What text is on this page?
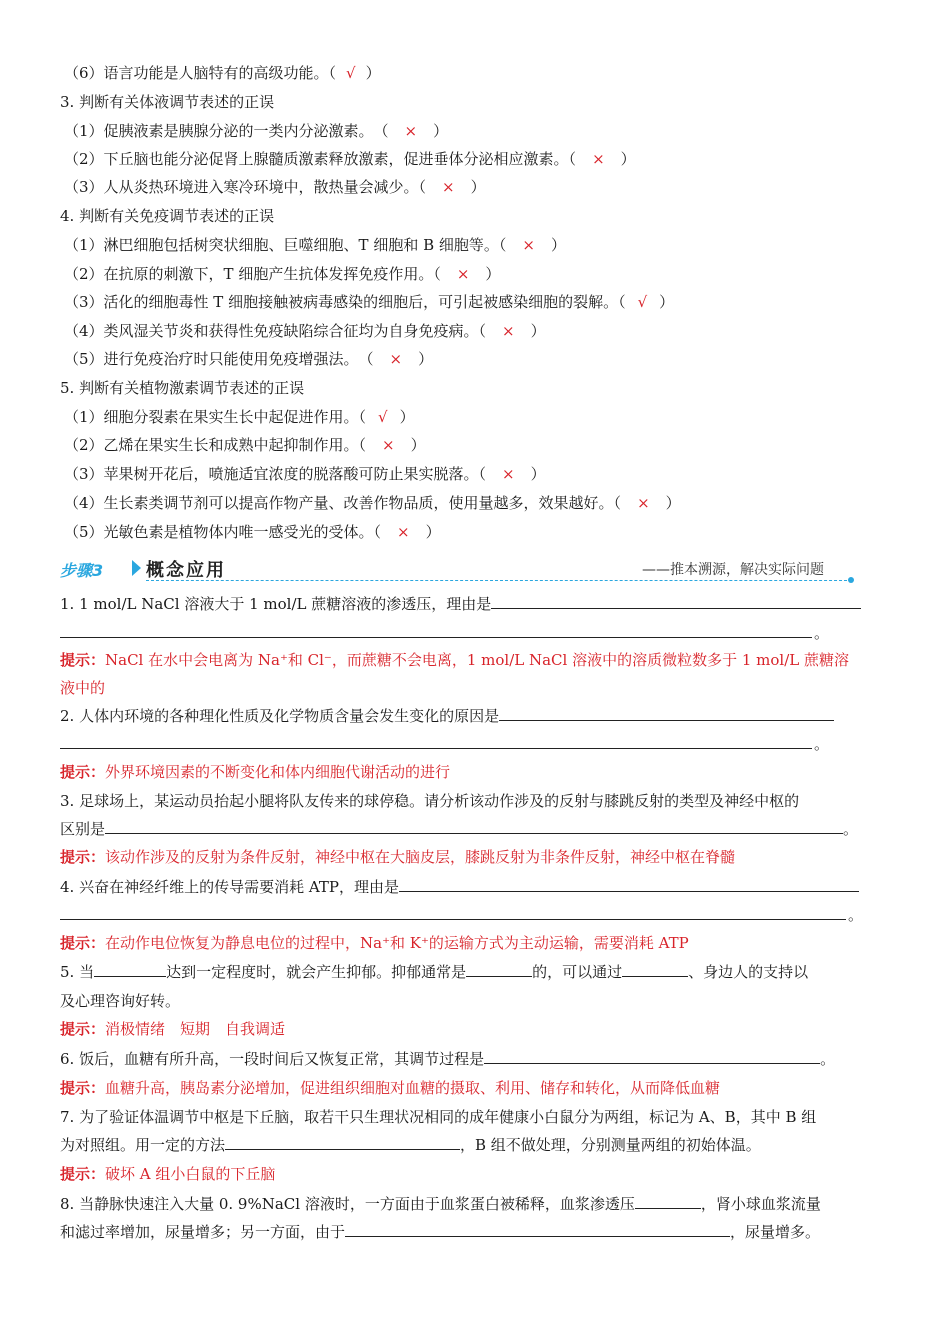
（6）语言功能是人脑特有的高级功能。（ √ ）
3. 判断有关体液调节表述的正误
（1）促胰液素是胰腺分泌的一类内分泌激素。　（ × ）
（2）下丘脑也能分泌促肾上腺髓质激素释放激素，促进垂体分泌相应激素。（ × ）
（3）人从炎热环境进入寒冷环境中，散热量会减少。（ × ）
4. 判断有关免疫调节表述的正误
（1）淋巴细胞包括树突状细胞、巨噬细胞、T 细胞和 B 细胞等。（ × ）
（2）在抗原的刺激下，T 细胞产生抗体发挥免疫作用。（ × ）
（3）活化的细胞毒性 T 细胞接触被病毒感染的细胞后，可引起被感染细胞的裂解。（ √ ）
（4）类风湿关节炎和获得性免疫缺陷综合征均为自身免疫病。（ × ）
（5）进行免疫治疗时只能使用免疫增强法。　（ × ）
5. 判断有关植物激素调节表述的正误
（1）细胞分裂素在果实生长中起促进作用。（ √ ）
（2）乙烯在果实生长和成熟中起抑制作用。（ × ）
（3）苹果树开花后，喷施适宜浓度的脱落酸可防止果实脱落。（ × ）
（4）生长素类调节剂可以提高作物产量、改善作物品质，使用量越多，效果越好。（ × ）
（5）光敏色素是植物体内唯一感受光的受体。（ × ）
步骤3 概念应用	——推本溯源，解决实际问题
1. 1 mol/L NaCl 溶液大于 1 mol/L 蔗糖溶液的渗透压，理由是
。
提示：NaCl 在水中会电离为 Na⁺和 Cl⁻，而蔗糖不会电离，1 mol/L NaCl 溶液中的溶质微粒数多于 1 mol/L 蔗糖溶
液中的
2. 人体内环境的各种理化性质及化学物质含量会发生变化的原因是
。
提示：外界环境因素的不断变化和体内细胞代谢活动的进行
3. 足球场上，某运动员抬起小腿将队友传来的球停稳。请分析该动作涉及的反射与膝跳反射的类型及神经中枢的
区别是	。
提示：该动作涉及的反射为条件反射，神经中枢在大脑皮层，膝跳反射为非条件反射，神经中枢在脊髓
4. 兴奋在神经纤维上的传导需要消耗 ATP，理由是
。
提示：在动作电位恢复为静息电位的过程中，Na⁺和 K⁺的运输方式为主动运输，需要消耗 ATP
5. 当	达到一定程度时，就会产生抑郁。抑郁通常是	的，可以通过	、身边人的支持以
及心理咨询好转。
提示：消极情绪　短期　自我调适
6. 饭后，血糖有所升高，一段时间后又恢复正常，其调节过程是	。
提示：血糖升高，胰岛素分泌增加，促进组织细胞对血糖的摄取、利用、储存和转化，从而降低血糖
7. 为了验证体温调节中枢是下丘脑，取若干只生理状况相同的成年健康小白鼠分为两组，标记为 A、B，其中 B 组
为对照组。用一定的方法	，B 组不做处理，分别测量两组的初始体温。
提示：破坏 A 组小白鼠的下丘脑
8. 当静脉快速注入大量 0. 9%NaCl 溶液时，一方面由于血浆蛋白被稀释，血浆渗透压	，肾小球血浆流量
和滤过率增加，尿量增多；另一方面，由于	，尿量增多。
